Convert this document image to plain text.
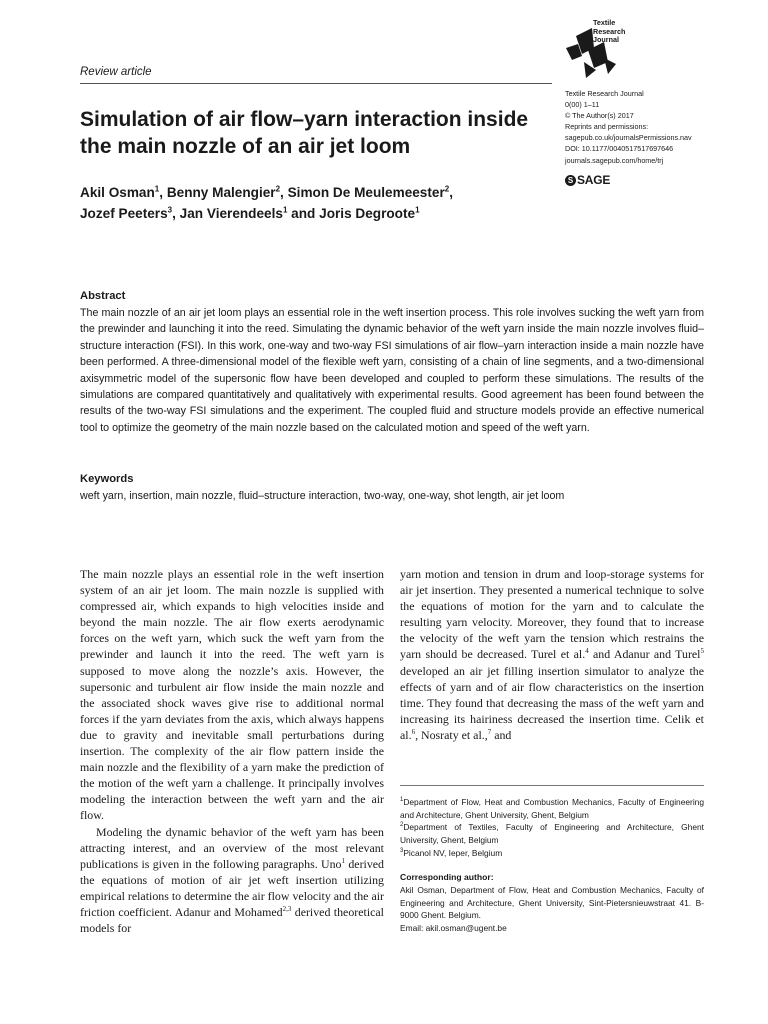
Review article
Textile
Research
Journal
Textile Research Journal
0(00) 1–11
© The Author(s) 2017
Reprints and permissions:
sagepub.co.uk/journalsPermissions.nav
DOI: 10.1177/0040517517697646
journals.sagepub.com/home/trj
S SAGE
Simulation of air flow–yarn interaction inside the main nozzle of an air jet loom
Akil Osman$^1$, Benny Malengier$^2$, Simon De Meulemeester$^2$,
Jozef Peeters$^3$, Jan Vierendeels$^1$ and Joris Degroote$^1$
Abstract

The main nozzle of an air jet loom plays an essential role in the weft insertion process. This role involves sucking the weft yarn from the prewinder and launching it into the reed. Simulating the dynamic behavior of the weft yarn inside the main nozzle involves fluid–structure interaction (FSI). In this work, one-way and two-way FSI simulations of air flow–yarn interaction inside a main nozzle have been performed. A three-dimensional model of the flexible weft yarn, consisting of a chain of line segments, and a two-dimensional axisymmetric model of the supersonic flow have been developed and coupled to perform these simulations. The results of the simulations are compared quantitatively and qualitatively with experimental results. Good agreement has been found between the results of the two-way FSI simulations and the experiment. The coupled fluid and structure models provide an effective numerical tool to optimize the geometry of the main nozzle based on the calculated motion and speed of the weft yarn.

Keywords
weft yarn, insertion, main nozzle, fluid–structure interaction, two-way, one-way, shot length, air jet loom

The main nozzle plays an essential role in the weft insertion system of an air jet loom. The main nozzle is supplied with compressed air, which expands to high velocities inside and beyond the main nozzle. The air flow exerts aerodynamic forces on the weft yarn, which suck the weft yarn from the prewinder and launch it into the reed. The weft yarn is supposed to move along the nozzle’s axis. However, the supersonic and turbulent air flow inside the main nozzle and the associated shock waves give rise to additional normal forces if the yarn deviates from the axis, which always happens due to gravity and inevitable small perturbations during insertion. The complexity of the air flow pattern inside the main nozzle and the flexibility of a yarn make the prediction of the motion of the weft yarn a challenge. It principally involves modeling the interaction between the weft yarn and the air flow.

Modeling the dynamic behavior of the weft yarn has been attracting interest, and an overview of the most relevant publications is given in the following paragraphs. Uno$^1$ derived the equations of motion of air jet weft insertion utilizing empirical relations to determine the air flow velocity and the air friction coefficient. Adanur and Mohamed$^{2,3}$ derived theoretical models for

yarn motion and tension in drum and loop-storage systems for air jet insertion. They presented a numerical technique to solve the equations of motion for the yarn and to calculate the resulting yarn velocity. Moreover, they found that to increase the velocity of the weft yarn the tension which restrains the yarn should be decreased. Turel et al.$^4$ and Adanur and Turel$^5$ developed an air jet filling insertion simulator to analyze the effects of yarn and of air flow characteristics on the insertion time. They found that decreasing the mass of the weft yarn and increasing its hairiness decreased the insertion time. Celik et al.$^6$, Nosraty et al.,$^7$ and

$^1$Department of Flow, Heat and Combustion Mechanics, Faculty of Engineering and Architecture, Ghent University, Ghent, Belgium

$^2$Department of Textiles, Faculty of Engineering and Architecture, Ghent University, Ghent, Belgium

$^3$Picanol NV, Ieper, Belgium

Corresponding author:
Akil Osman, Department of Flow, Heat and Combustion Mechanics, Faculty of Engineering and Architecture, Ghent University, Sint-Pietersnieuwstraat 41. B-9000 Ghent. Belgium.
Email: akil.osman@ugent.be
